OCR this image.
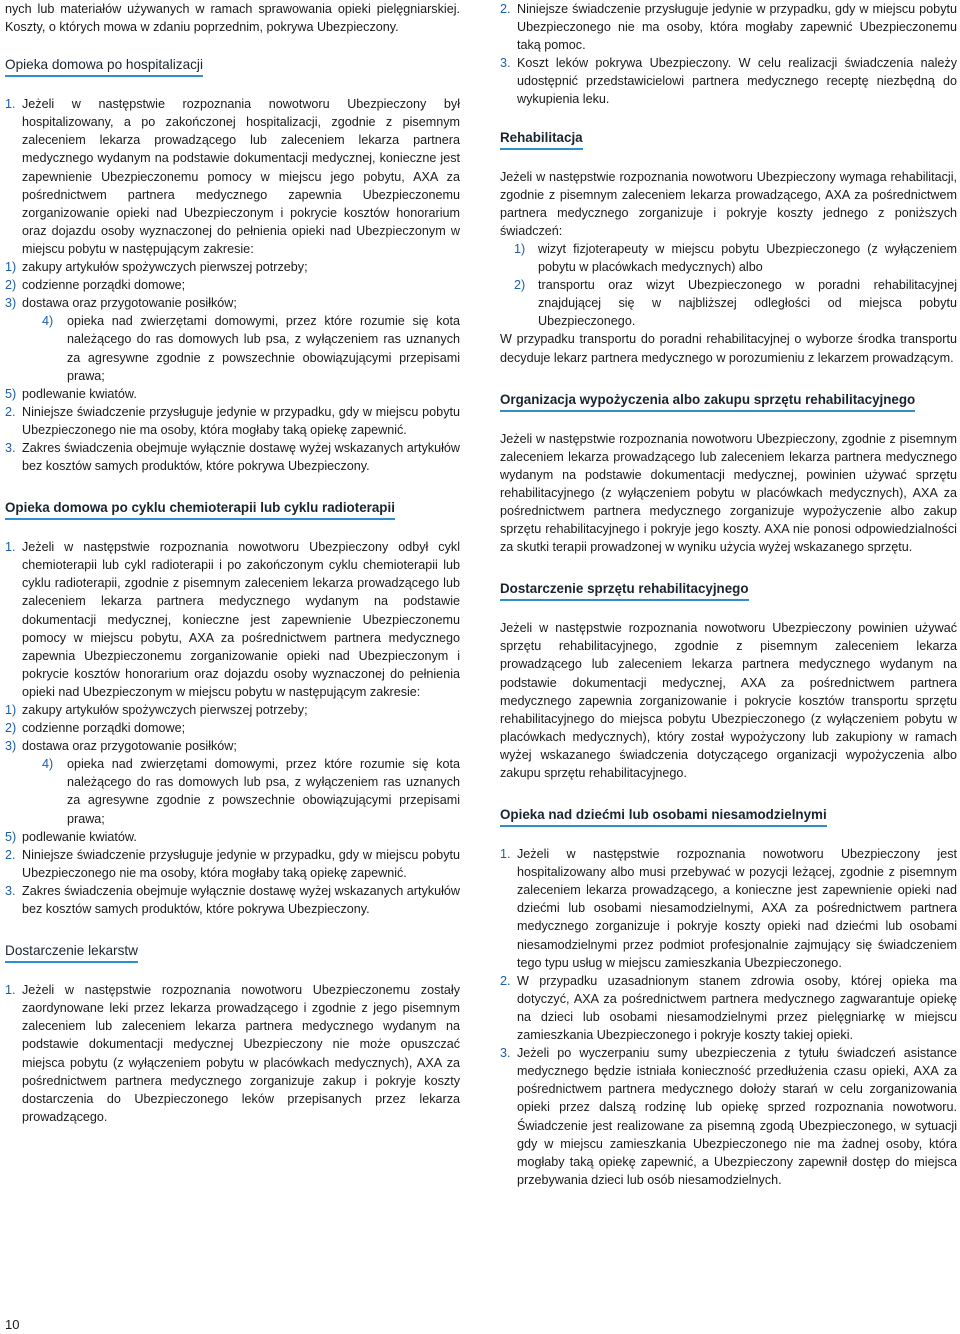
nych lub materiałów używanych w ramach sprawowania opieki pielęgniarskiej. Koszty, o których mowa w zdaniu poprzednim, pokrywa Ubezpieczony.

Opieka domowa po hospitalizacji
1. Jeżeli w następstwie rozpoznania nowotworu Ubezpieczony był hospitalizowany, a po zakończonej hospitalizacji, zgodnie z pisemnym zaleceniem lekarza prowadzącego lub zaleceniem lekarza partnera medycznego wydanym na podstawie dokumentacji medycznej, konieczne jest zapewnienie Ubezpieczonemu pomocy w miejscu jego pobytu, AXA za pośrednictwem partnera medycznego zapewnia Ubezpieczonemu zorganizowanie opieki nad Ubezpieczonym i pokrycie kosztów honorarium oraz dojazdu osoby wyznaczonej do pełnienia opieki nad Ubezpieczonym w miejscu pobytu w następującym zakresie:
1) zakupy artykułów spożywczych pierwszej potrzeby;
2) codzienne porządki domowe;
3) dostawa oraz przygotowanie posiłków;
4) opieka nad zwierzętami domowymi, przez które rozumie się kota należącego do ras domowych lub psa, z wyłączeniem ras uznanych za agresywne zgodnie z powszechnie obowiązującymi przepisami prawa;
5) podlewanie kwiatów.
2. Niniejsze świadczenie przysługuje jedynie w przypadku, gdy w miejscu pobytu Ubezpieczonego nie ma osoby, która mogłaby taką opiekę zapewnić.
3. Zakres świadczenia obejmuje wyłącznie dostawę wyżej wskazanych artykułów bez kosztów samych produktów, które pokrywa Ubezpieczony.
Opieka domowa po cyklu chemioterapii lub cyklu radioterapii
1. Jeżeli w następstwie rozpoznania nowotworu Ubezpieczony odbył cykl chemioterapii lub cykl radioterapii i po zakończonym cyklu chemioterapii lub cyklu radioterapii, zgodnie z pisemnym zaleceniem lekarza prowadzącego lub zaleceniem lekarza partnera medycznego wydanym na podstawie dokumentacji medycznej, konieczne jest zapewnienie Ubezpieczonemu pomocy w miejscu pobytu, AXA za pośrednictwem partnera medycznego zapewnia Ubezpieczonemu zorganizowanie opieki nad Ubezpieczonym i pokrycie kosztów honorarium oraz dojazdu osoby wyznaczonej do pełnienia opieki nad Ubezpieczonym w miejscu pobytu w następującym zakresie:
1) zakupy artykułów spożywczych pierwszej potrzeby;
2) codzienne porządki domowe;
3) dostawa oraz przygotowanie posiłków;
4) opieka nad zwierzętami domowymi, przez które rozumie się kota należącego do ras domowych lub psa, z wyłączeniem ras uznanych za agresywne zgodnie z powszechnie obowiązującymi przepisami prawa;
5) podlewanie kwiatów.
2. Niniejsze świadczenie przysługuje jedynie w przypadku, gdy w miejscu pobytu Ubezpieczonego nie ma osoby, która mogłaby taką opiekę zapewnić.
3. Zakres świadczenia obejmuje wyłącznie dostawę wyżej wskazanych artykułów bez kosztów samych produktów, które pokrywa Ubezpieczony.
Dostarczenie lekarstw
1. Jeżeli w następstwie rozpoznania nowotworu Ubezpieczonemu zostały zaordynowane leki przez lekarza prowadzącego i zgodnie z jego pisemnym zaleceniem lub zaleceniem lekarza partnera medycznego wydanym na podstawie dokumentacji medycznej Ubezpieczony nie może opuszczać miejsca pobytu (z wyłączeniem pobytu w placówkach medycznych), AXA za pośrednictwem partnera medycznego zorganizuje zakup i pokryje koszty dostarczenia do Ubezpieczonego leków przepisanych przez lekarza prowadzącego.
2. Niniejsze świadczenie przysługuje jedynie w przypadku, gdy w miejscu pobytu Ubezpieczonego nie ma osoby, która mogłaby zapewnić Ubezpieczonemu taką pomoc.
3. Koszt leków pokrywa Ubezpieczony. W celu realizacji świadczenia należy udostępnić przedstawicielowi partnera medycznego receptę niezbędną do wykupienia leku.
Rehabilitacja

Jeżeli w następstwie rozpoznania nowotworu Ubezpieczony wymaga rehabilitacji, zgodnie z pisemnym zaleceniem lekarza prowadzącego, AXA za pośrednictwem partnera medycznego zorganizuje i pokryje koszty jednego z poniższych świadczeń:

1) wizyt fizjoterapeuty w miejscu pobytu Ubezpieczonego (z wyłączeniem pobytu w placówkach medycznych) albo
2) transportu oraz wizyt Ubezpieczonego w poradni rehabilitacyjnej znajdującej się w najbliższej odległości od miejsca pobytu Ubezpieczonego.

W przypadku transportu do poradni rehabilitacyjnej o wyborze środka transportu decyduje lekarz partnera medycznego w porozumieniu z lekarzem prowadzącym.

Organizacja wypożyczenia albo zakupu sprzętu rehabilitacyjnego

Jeżeli w następstwie rozpoznania nowotworu Ubezpieczony, zgodnie z pisemnym zaleceniem lekarza prowadzącego lub zaleceniem lekarza partnera medycznego wydanym na podstawie dokumentacji medycznej, powinien używać sprzętu rehabilitacyjnego (z wyłączeniem pobytu w placówkach medycznych), AXA za pośrednictwem partnera medycznego zorganizuje wypożyczenie albo zakup sprzętu rehabilitacyjnego i pokryje jego koszty. AXA nie ponosi odpowiedzialności za skutki terapii prowadzonej w wyniku użycia wyżej wskazanego sprzętu.

Dostarczenie sprzętu rehabilitacyjnego

Jeżeli w następstwie rozpoznania nowotworu Ubezpieczony powinien używać sprzętu rehabilitacyjnego, zgodnie z pisemnym zaleceniem lekarza prowadzącego lub zaleceniem lekarza partnera medycznego wydanym na podstawie dokumentacji medycznej, AXA za pośrednictwem partnera medycznego zapewnia zorganizowanie i pokrycie kosztów transportu sprzętu rehabilitacyjnego do miejsca pobytu Ubezpieczonego (z wyłączeniem pobytu w placówkach medycznych), który został wypożyczony lub zakupiony w ramach wyżej wskazanego świadczenia dotyczącego organizacji wypożyczenia albo zakupu sprzętu rehabilitacyjnego.

Opieka nad dziećmi lub osobami niesamodzielnymi
1. Jeżeli w następstwie rozpoznania nowotworu Ubezpieczony jest hospitalizowany albo musi przebywać w pozycji leżącej, zgodnie z pisemnym zaleceniem lekarza prowadzącego, a konieczne jest zapewnienie opieki nad dziećmi lub osobami niesamodzielnymi, AXA za pośrednictwem partnera medycznego zorganizuje i pokryje koszty opieki nad dziećmi lub osobami niesamodzielnymi przez podmiot profesjonalnie zajmujący się świadczeniem tego typu usług w miejscu zamieszkania Ubezpieczonego.
2. W przypadku uzasadnionym stanem zdrowia osoby, której opieka ma dotyczyć, AXA za pośrednictwem partnera medycznego zagwarantuje opiekę na dzieci lub osobami niesamodzielnymi przez pielęgniarkę w miejscu zamieszkania Ubezpieczonego i pokryje koszty takiej opieki.
3. Jeżeli po wyczerpaniu sumy ubezpieczenia z tytułu świadczeń asistance medycznego będzie istniała konieczność przedłużenia czasu opieki, AXA za pośrednictwem partnera medycznego dołoży starań w celu zorganizowania opieki przez dalszą rodzinę lub opiekę sprzed rozpoznania nowotworu. Świadczenie jest realizowane za pisemną zgodą Ubezpieczonego, w sytuacji gdy w miejscu zamieszkania Ubezpieczonego nie ma żadnej osoby, która mogłaby taką opiekę zapewnić, a Ubezpieczony zapewnił dostęp do miejsca przebywania dzieci lub osób niesamodzielnych.
10
